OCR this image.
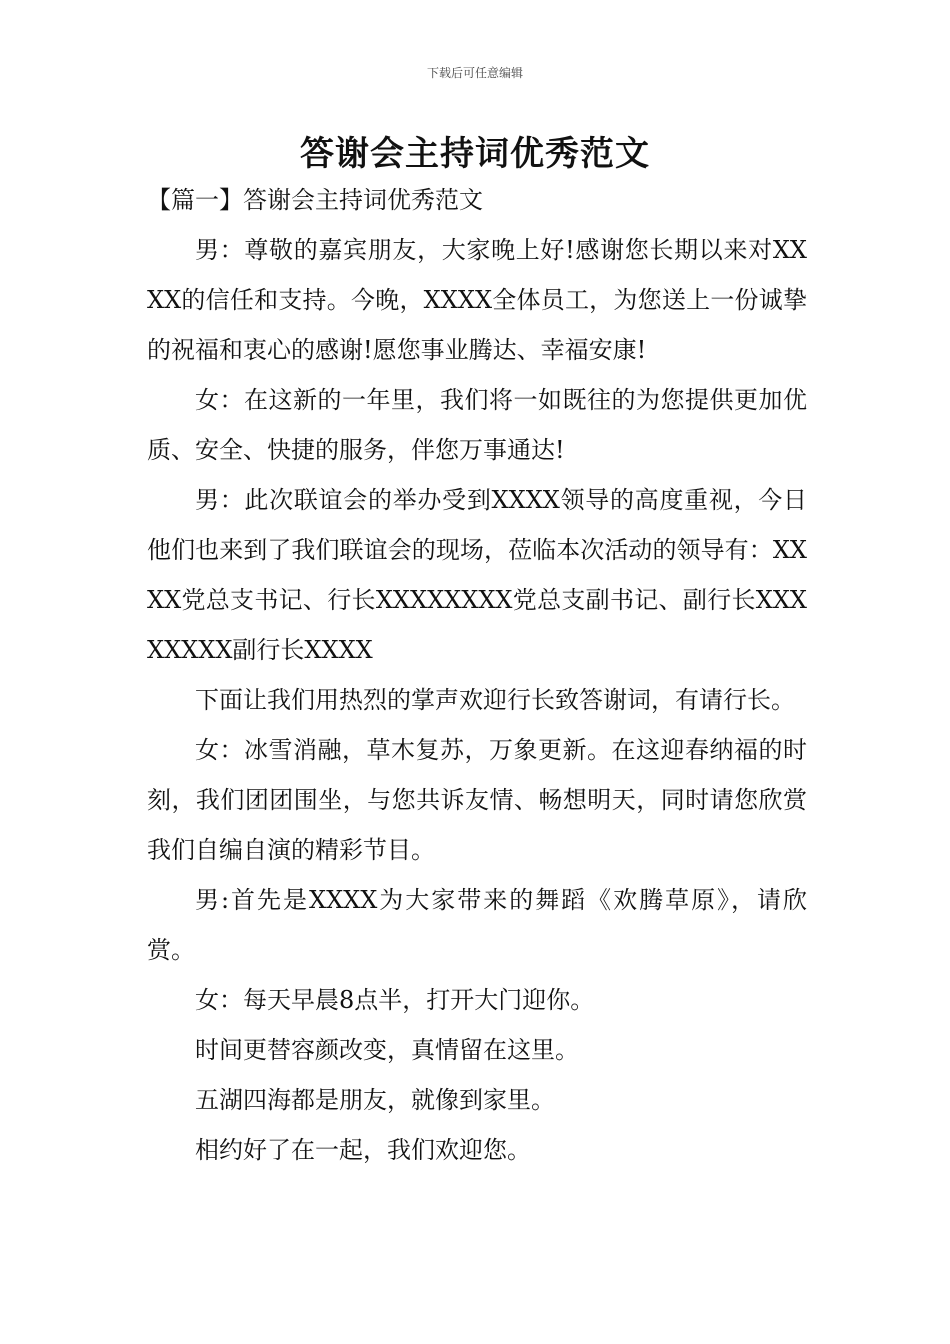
下载后可任意编辑
答谢会主持词优秀范文
【篇一】答谢会主持词优秀范文

男：尊敬的嘉宾朋友，大家晚上好!感谢您长期以来对XXXX的信任和支持。今晚，XXXX全体员工，为您送上一份诚挚的祝福和衷心的感谢!愿您事业腾达、幸福安康!

女：在这新的一年里，我们将一如既往的为您提供更加优质、安全、快捷的服务，伴您万事通达!

男：此次联谊会的举办受到XXXX领导的高度重视，今日他们也来到了我们联谊会的现场，莅临本次活动的领导有：XXXX党总支书记、行长XXXXXXXX党总支副书记、副行长XXXXXXXX副行长XXXX

下面让我们用热烈的掌声欢迎行长致答谢词，有请行长。

女：冰雪消融，草木复苏，万象更新。在这迎春纳福的时刻，我们团团围坐，与您共诉友情、畅想明天，同时请您欣赏我们自编自演的精彩节目。

男:首先是XXXX为大家带来的舞蹈《欢腾草原》，请欣赏。

女：每天早晨8点半，打开大门迎你。

时间更替容颜改变，真情留在这里。

五湖四海都是朋友，就像到家里。

相约好了在一起，我们欢迎您。
